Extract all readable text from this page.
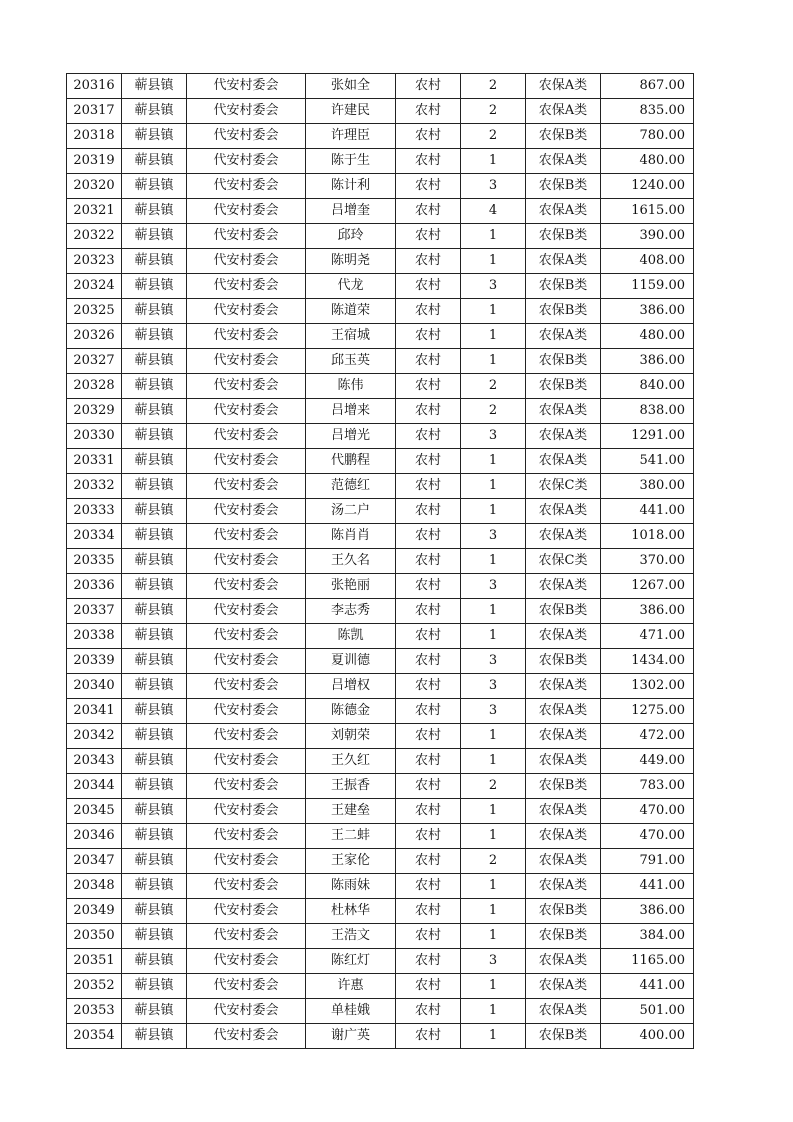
20316	蕲县镇	代安村委会	张如全	农村	2	农保A类	867.00
20317	蕲县镇	代安村委会	许建民	农村	2	农保A类	835.00
20318	蕲县镇	代安村委会	许理臣	农村	2	农保B类	780.00
20319	蕲县镇	代安村委会	陈于生	农村	1	农保A类	480.00
20320	蕲县镇	代安村委会	陈计利	农村	3	农保B类	1240.00
20321	蕲县镇	代安村委会	吕增奎	农村	4	农保A类	1615.00
20322	蕲县镇	代安村委会	邱玲	农村	1	农保B类	390.00
20323	蕲县镇	代安村委会	陈明尧	农村	1	农保A类	408.00
20324	蕲县镇	代安村委会	代龙	农村	3	农保B类	1159.00
20325	蕲县镇	代安村委会	陈道荣	农村	1	农保B类	386.00
20326	蕲县镇	代安村委会	王宿城	农村	1	农保A类	480.00
20327	蕲县镇	代安村委会	邱玉英	农村	1	农保B类	386.00
20328	蕲县镇	代安村委会	陈伟	农村	2	农保B类	840.00
20329	蕲县镇	代安村委会	吕增来	农村	2	农保A类	838.00
20330	蕲县镇	代安村委会	吕增光	农村	3	农保A类	1291.00
20331	蕲县镇	代安村委会	代鹏程	农村	1	农保A类	541.00
20332	蕲县镇	代安村委会	范德红	农村	1	农保C类	380.00
20333	蕲县镇	代安村委会	汤二户	农村	1	农保A类	441.00
20334	蕲县镇	代安村委会	陈肖肖	农村	3	农保A类	1018.00
20335	蕲县镇	代安村委会	王久名	农村	1	农保C类	370.00
20336	蕲县镇	代安村委会	张艳丽	农村	3	农保A类	1267.00
20337	蕲县镇	代安村委会	李志秀	农村	1	农保B类	386.00
20338	蕲县镇	代安村委会	陈凯	农村	1	农保A类	471.00
20339	蕲县镇	代安村委会	夏训德	农村	3	农保B类	1434.00
20340	蕲县镇	代安村委会	吕增权	农村	3	农保A类	1302.00
20341	蕲县镇	代安村委会	陈德金	农村	3	农保A类	1275.00
20342	蕲县镇	代安村委会	刘朝荣	农村	1	农保A类	472.00
20343	蕲县镇	代安村委会	王久红	农村	1	农保A类	449.00
20344	蕲县镇	代安村委会	王振香	农村	2	农保B类	783.00
20345	蕲县镇	代安村委会	王建垒	农村	1	农保A类	470.00
20346	蕲县镇	代安村委会	王二蚌	农村	1	农保A类	470.00
20347	蕲县镇	代安村委会	王家伦	农村	2	农保A类	791.00
20348	蕲县镇	代安村委会	陈雨妹	农村	1	农保A类	441.00
20349	蕲县镇	代安村委会	杜林华	农村	1	农保B类	386.00
20350	蕲县镇	代安村委会	王浩文	农村	1	农保B类	384.00
20351	蕲县镇	代安村委会	陈红灯	农村	3	农保A类	1165.00
20352	蕲县镇	代安村委会	许惠	农村	1	农保A类	441.00
20353	蕲县镇	代安村委会	单桂娥	农村	1	农保A类	501.00
20354	蕲县镇	代安村委会	谢广英	农村	1	农保B类	400.00
